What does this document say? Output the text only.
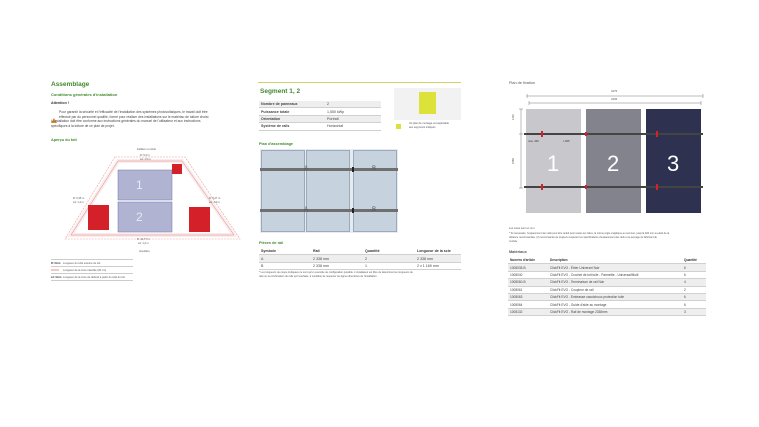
Assemblage
Conditions générales d'installation
Attention !
Pour garantir la sécurité et l'efficacité de l'installation des systèmes photovoltaïques, le travail doit être
effectué par du personnel qualifié, formé pour réaliser des installations sur le matériau de toiture choisi.
L'installation doit être conforme aux instructions générales du manuel de l'utilisateur et aux instructions
spécifiques à la toiture de ce plan de projet.
Aperçu du toit
1
2
Faîtière ou crête
R: 5,2 m
a1: 1,5 m
R: 6,35 m
a1: 1,4 m
R: 6,27 m
a1: 1,4 m
R: 12,77 m
a1: 1,2 m
Gouttière
R: 0/cm	Longueur du côté externe du toit
Longueur de la zone interdite (30 cm)
a1: 0/cm Longueur de la zone de débord à partir du côté du toit
Segment 1, 2
Nombre de panneaux	2
Puissance totale	1,550 kWp
Orientation	Portrait
Système de rails	Horizontal
Os plan de montage est applicable
aux segments indiqués
Plan d'assemblage
A	B
A	B
Pièces de rail
Symbole	Rail	Quantité	Longueur de la scie
A	2 338 mm	2	2 338 mm
B	2 338 mm	1	2 x 1 169 mm
* Les longueurs de coupe indiquées ne sont qu'un exemple de configuration possible. L'installateur est libre de déterminer les longueurs de
rails ou la combinaison de rails qu'il souhaite, à condition de respecter les lignes directrices de l'installation.
Plan de fixation
3476
3406
1230
1668 1 2 3
max. 200	≥ 505
Les cotes sont en mm
* Si nécessaire, l'espacement des rails peut être réduit pour toutes les tuiles, la même règle s'applique au sommet, jusqu'à 400 mm au-delà de la
distance recommandée. (2) recommande de toujours respecter les spécifications d'espacement des rails et le perçage du fabricant du
module.
Matériaux
Numéro d'article	Description	Quantité
1008035-B	ClickFit EVO - Étrier Universel Noir	6
1008040	ClickFit EVO - Crochet de toit tuile - Parmelite - Universal/Multi	6
1008060-B	ClickFit EVO - Terminaison de rail Noir	4
1008061	ClickFit EVO - Coupleur de rail	2
1008063	ClickFit EVO - Embrasse caoutchouc protection tuile	6
1008064	ClickFit EVO - Guide d'aide au montage	6
1008132	ClickFit EVO - Rail de montage 2338mm	3
